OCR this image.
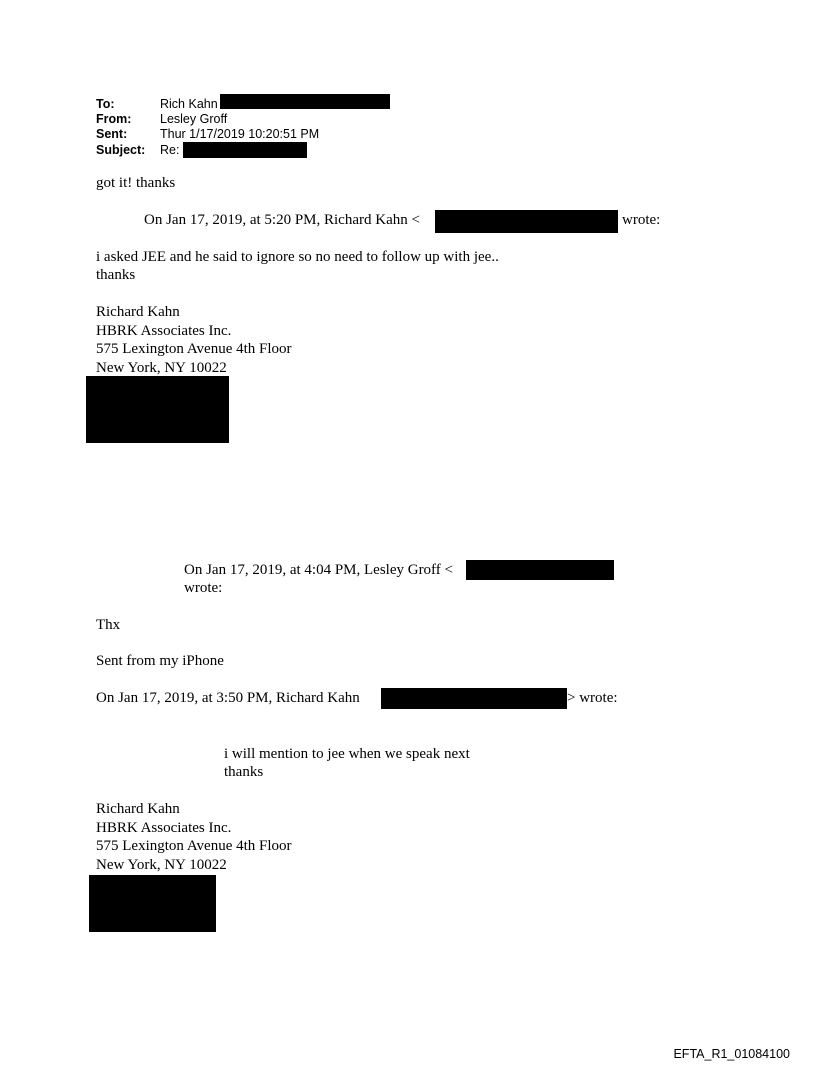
To:	Rich Kahn
From: Lesley Groff
Sent:	Thur 1/17/2019 10:20:51 PM
Subject: Re:
got it! thanks
On Jan 17, 2019, at 5:20 PM, Richard Kahn <	wrote:
i asked JEE and he said to ignore so no need to follow up with jee..
thanks
Richard Kahn
HBRK Associates Inc.
575 Lexington Avenue 4th Floor
New York, NY 10022
On Jan 17, 2019, at 4:04 PM, Lesley Groff <
wrote:
Thx
Sent from my iPhone
On Jan 17, 2019, at 3:50 PM, Richard Kahn	> wrote:
i will mention to jee when we speak next
thanks
Richard Kahn
HBRK Associates Inc.
575 Lexington Avenue 4th Floor
New York, NY 10022
EFTA_R1_01084100
